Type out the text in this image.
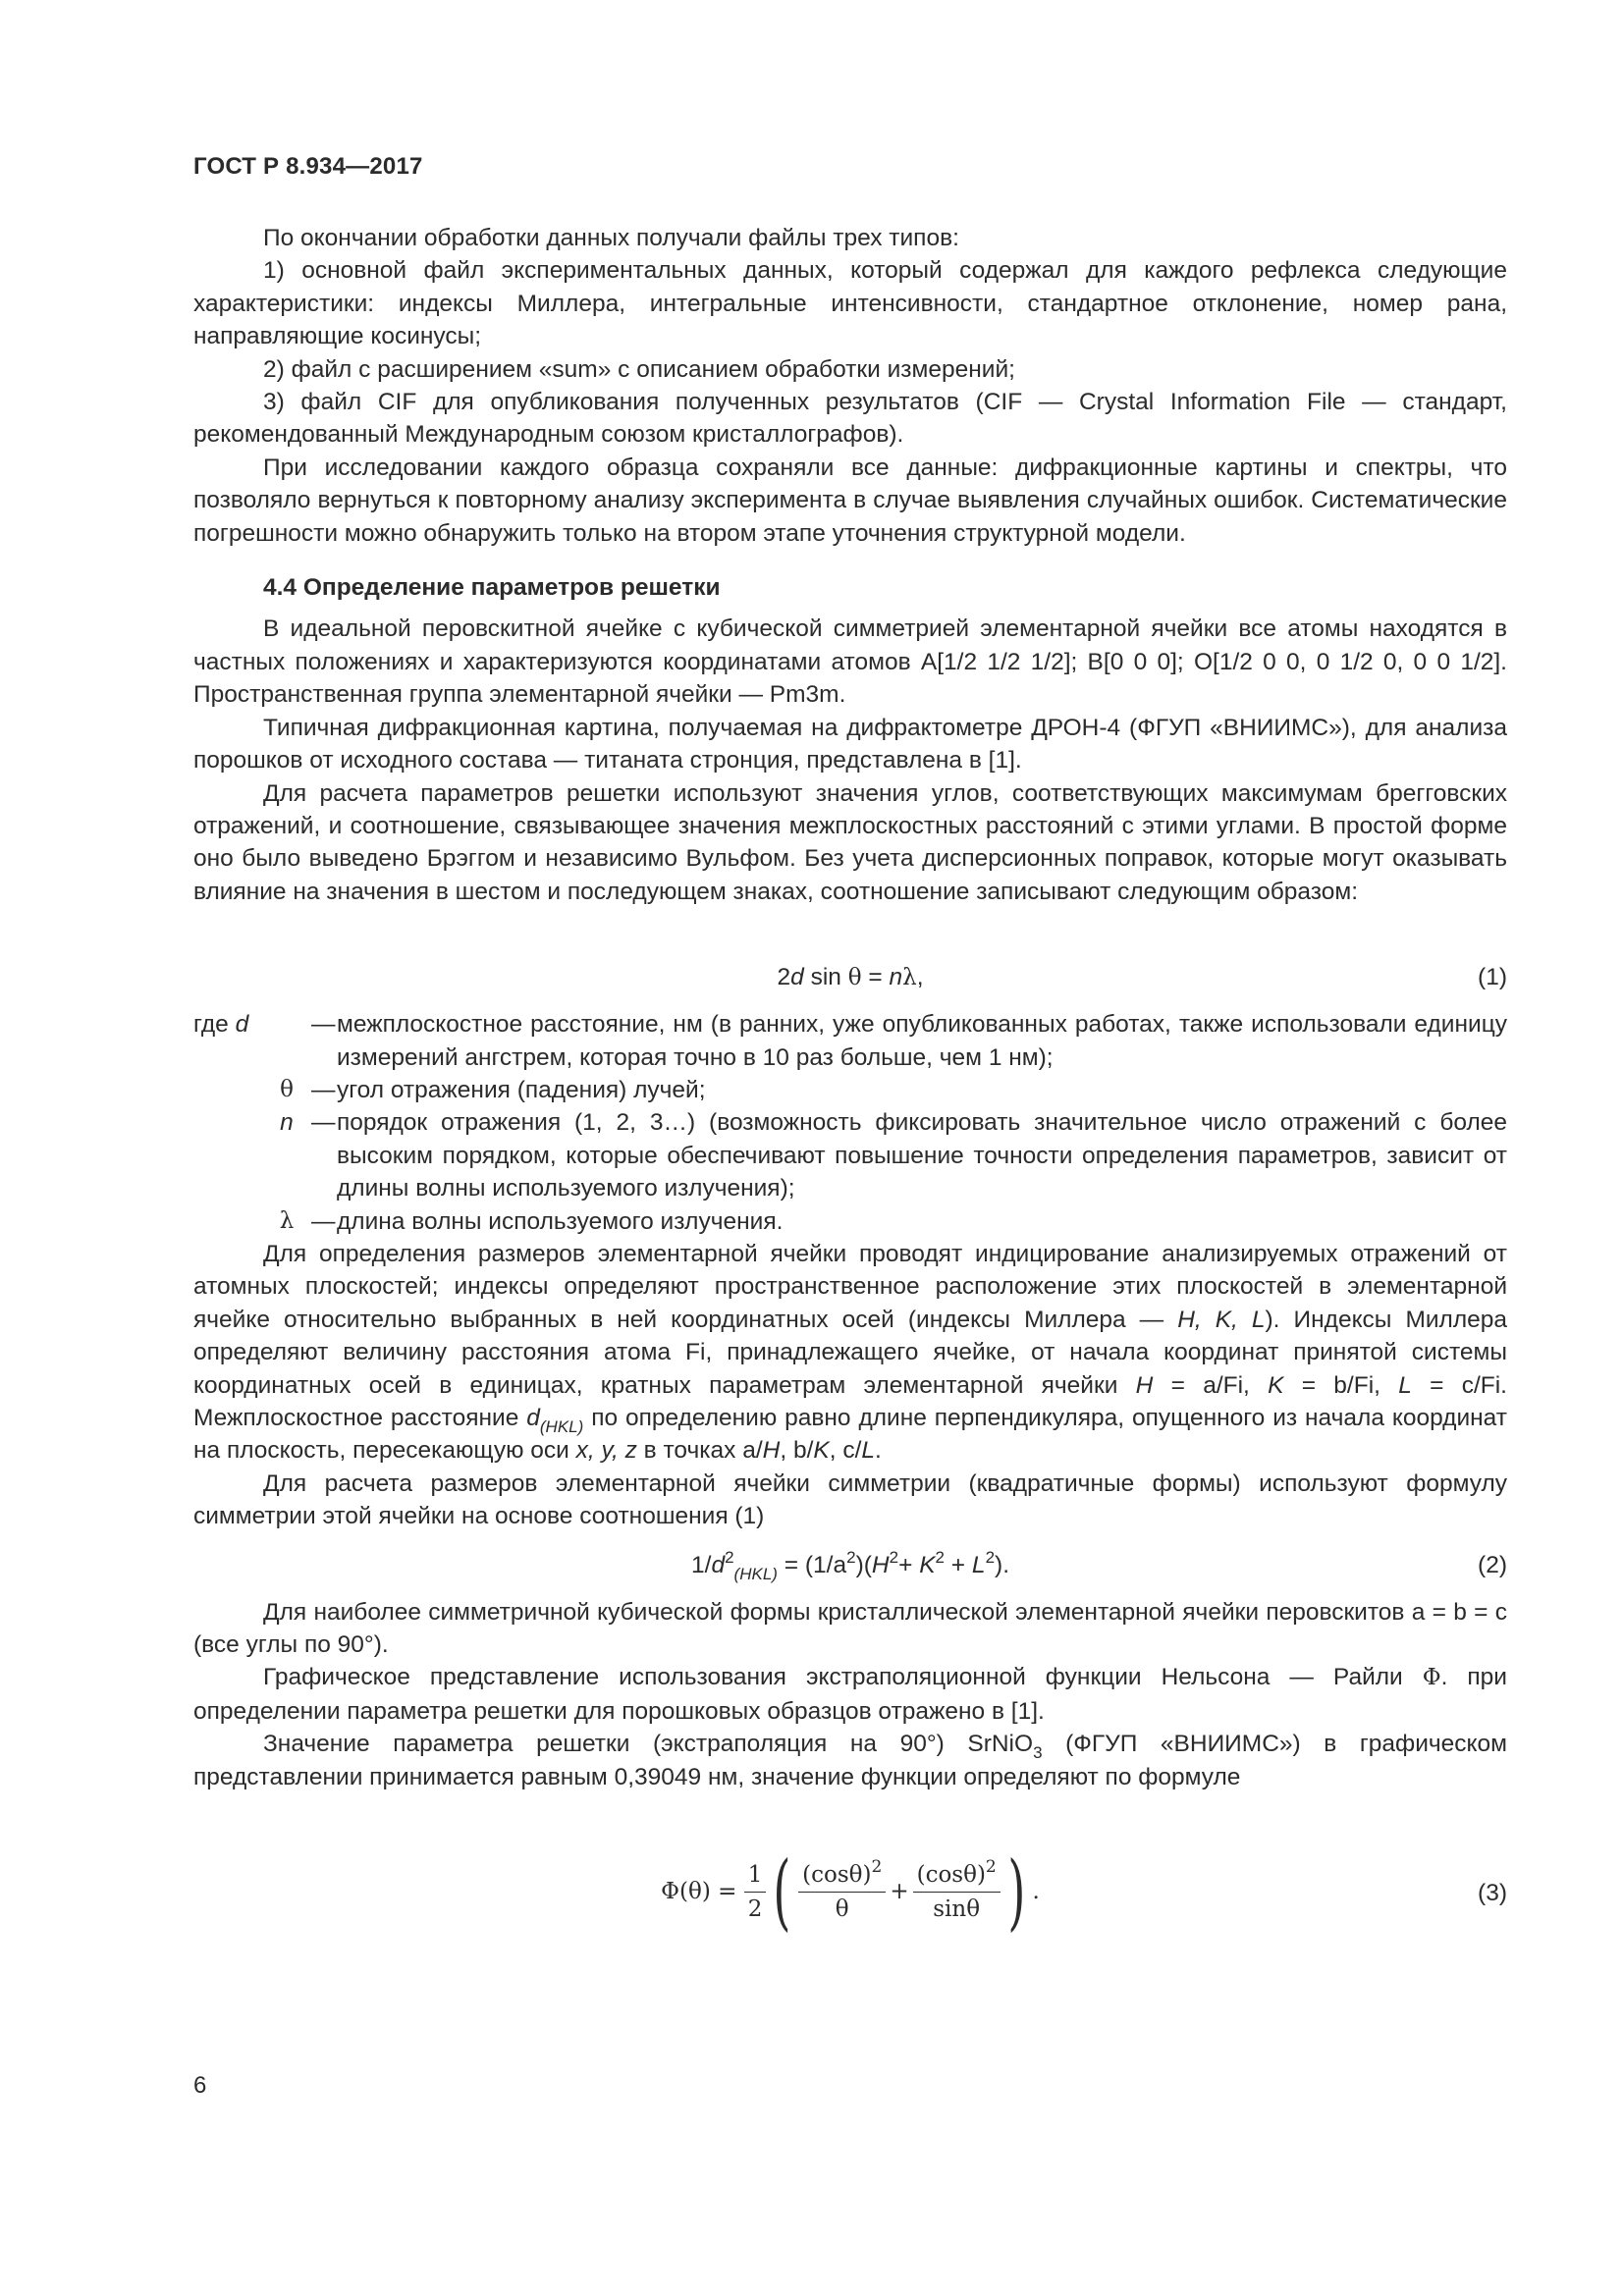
ГОСТ Р 8.934—2017

По окончании обработки данных получали файлы трех типов:

1) основной файл экспериментальных данных, который содержал для каждого рефлекса следующие характеристики: индексы Миллера, интегральные интенсивности, стандартное отклонение, номер рана, направляющие косинусы;

2) файл с расширением «sum» с описанием обработки измерений;

3) файл CIF для опубликования полученных результатов (CIF — Crystal Information File — стандарт, рекомендованный Международным союзом кристаллографов).

При исследовании каждого образца сохраняли все данные: дифракционные картины и спектры, что позволяло вернуться к повторному анализу эксперимента в случае выявления случайных ошибок. Систематические погрешности можно обнаружить только на втором этапе уточнения структурной модели.

4.4 Определение параметров решетки

В идеальной перовскитной ячейке с кубической симметрией элементарной ячейки все атомы находятся в частных положениях и характеризуются координатами атомов A[1/2 1/2 1/2]; B[0 0 0]; O[1/2 0 0, 0 1/2 0, 0 0 1/2]. Пространственная группа элементарной ячейки — Pm3m.

Типичная дифракционная картина, получаемая на дифрактометре ДРОН-4 (ФГУП «ВНИИМС»), для анализа порошков от исходного состава — титаната стронция, представлена в [1].

Для расчета параметров решетки используют значения углов, соответствующих максимумам брегговских отражений, и соотношение, связывающее значения межплоскостных расстояний с этими углами. В простой форме оно было выведено Брэггом и независимо Вульфом. Без учета дисперсионных поправок, которые могут оказывать влияние на значения в шестом и последующем знаках, соотношение записывают следующим образом:

2d sin θ = nλ,	(1)
где d	— межплоскостное расстояние, нм (в ранних, уже опубликованных работах, также использовали единицу измерений ангстрем, которая точно в 10 раз больше, чем 1 нм);
θ — угол отражения (падения) лучей;
n — порядок отражения (1, 2, 3…) (возможность фиксировать значительное число отражений с более высоким порядком, которые обеспечивают повышение точности определения параметров, зависит от длины волны используемого излучения);
λ — длина волны используемого излучения.

Для определения размеров элементарной ячейки проводят индицирование анализируемых отражений от атомных плоскостей; индексы определяют пространственное расположение этих плоскостей в элементарной ячейке относительно выбранных в ней координатных осей (индексы Миллера — H, K, L). Индексы Миллера определяют величину расстояния атома Fi, принадлежащего ячейке, от начала координат принятой системы координатных осей в единицах, кратных параметрам элементарной ячейки H = a/Fi, K = b/Fi, L = c/Fi. Межплоскостное расстояние $d_{(HKL)}$ по определению равно длине перпендикуляра, опущенного из начала координат на плоскость, пересекающую оси x, y, z в точках a/H, b/K, c/L.

Для расчета размеров элементарной ячейки симметрии (квадратичные формы) используют формулу симметрии этой ячейки на основе соотношения (1)

$1/d^2_{(HKL)} = (1/a^2)(H^2+ K^2 + L^2)$.	(2)

Для наиболее симметричной кубической формы кристаллической элементарной ячейки перовскитов a = b = c (все углы по 90°).

Графическое представление использования экстраполяционной функции Нельсона — Райли Φ. при определении параметра решетки для порошковых образцов отражено в [1].

Значение параметра решетки (экстраполяция на 90°) SrNiO$_3$ (ФГУП «ВНИИМС») в графическом представлении принимается равным 0,39049 нм, значение функции определяют по формуле

Φ ( θ ) = $\frac{1}{2}$ ( $\frac{(\cos\theta)^2}{\theta} + \frac{(\cos\theta)^2}{\sin\theta}$ ) .	(3)
6
